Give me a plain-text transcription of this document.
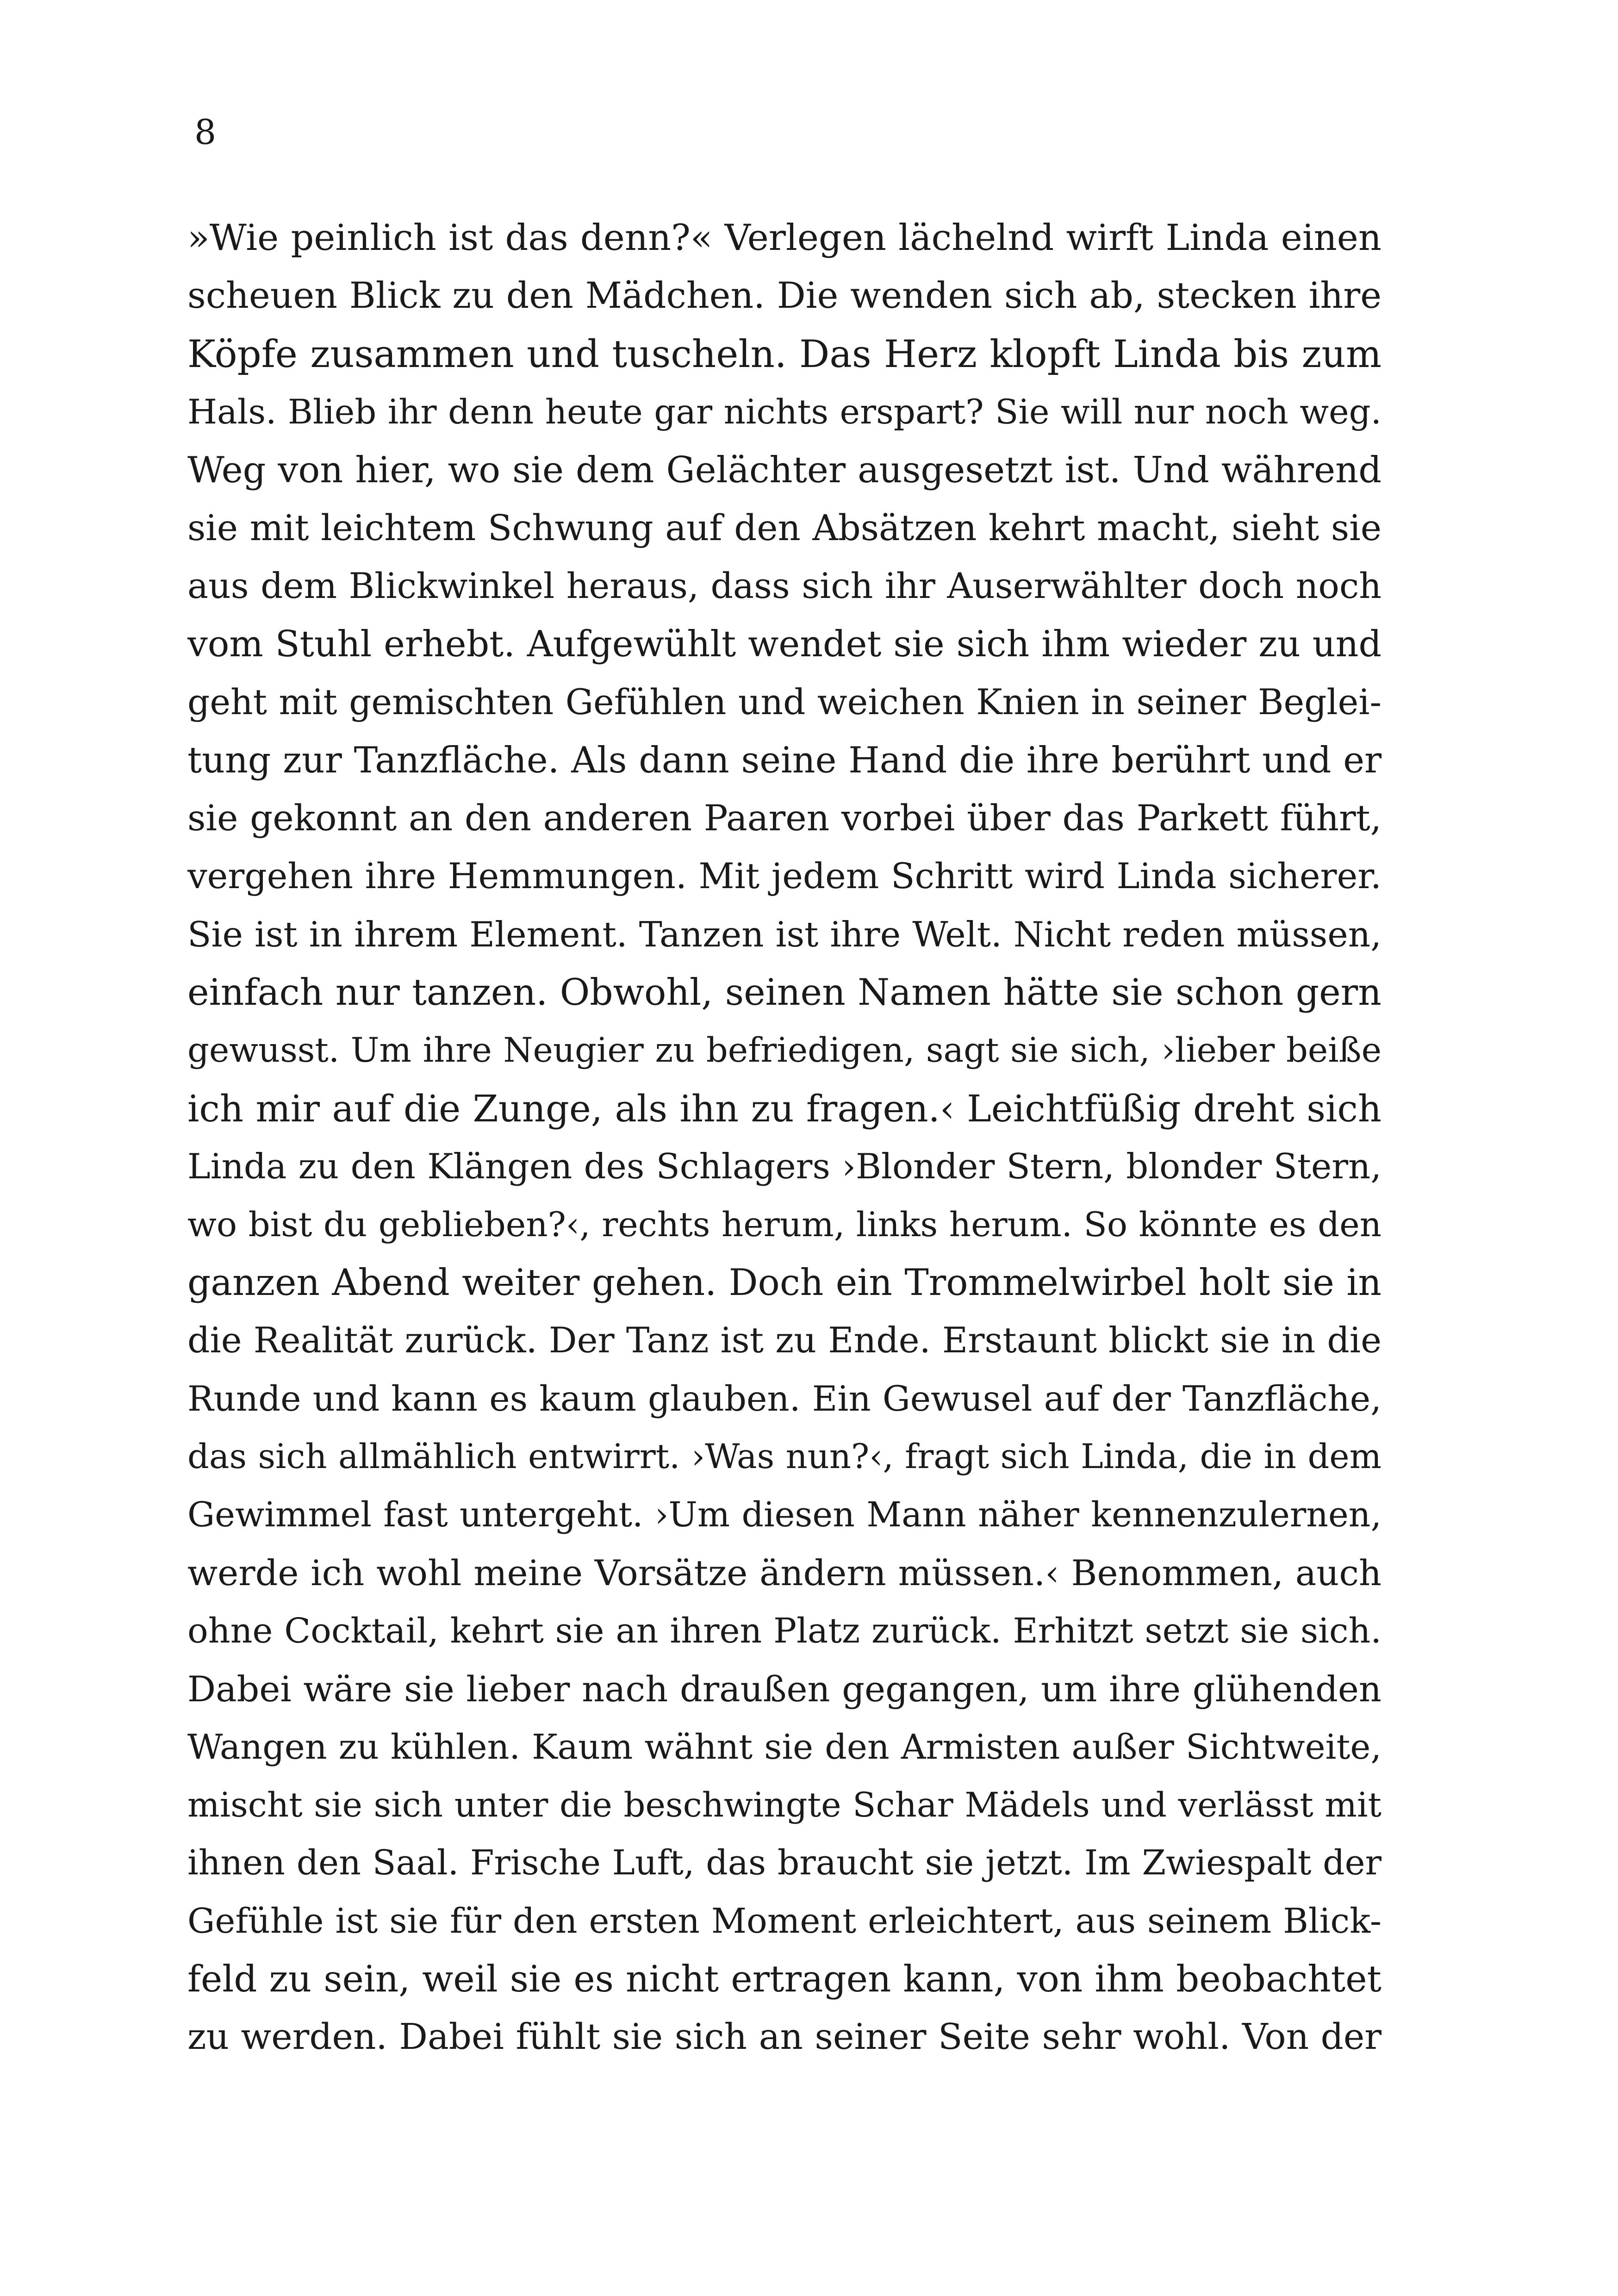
8
»Wie peinlich ist das denn?« Verlegen lächelnd wirft Linda einen
scheuen Blick zu den Mädchen. Die wenden sich ab, stecken ihre
Köpfe zusammen und tuscheln. Das Herz klopft Linda bis zum
Hals. Blieb ihr denn heute gar nichts erspart? Sie will nur noch weg.
Weg von hier, wo sie dem Gelächter ausgesetzt ist. Und während
sie mit leichtem Schwung auf den Absätzen kehrt macht, sieht sie
aus dem Blickwinkel heraus, dass sich ihr Auserwählter doch noch
vom Stuhl erhebt. Aufgewühlt wendet sie sich ihm wieder zu und
geht mit gemischten Gefühlen und weichen Knien in seiner Beglei-
tung zur Tanzfläche. Als dann seine Hand die ihre berührt und er
sie gekonnt an den anderen Paaren vorbei über das Parkett führt,
vergehen ihre Hemmungen. Mit jedem Schritt wird Linda sicherer.
Sie ist in ihrem Element. Tanzen ist ihre Welt. Nicht reden müssen,
einfach nur tanzen. Obwohl, seinen Namen hätte sie schon gern
gewusst. Um ihre Neugier zu befriedigen, sagt sie sich, ›lieber beiße
ich mir auf die Zunge, als ihn zu fragen.‹ Leichtfüßig dreht sich
Linda zu den Klängen des Schlagers ›Blonder Stern, blonder Stern,
wo bist du geblieben?‹, rechts herum, links herum. So könnte es den
ganzen Abend weiter gehen. Doch ein Trommelwirbel holt sie in
die Realität zurück. Der Tanz ist zu Ende. Erstaunt blickt sie in die
Runde und kann es kaum glauben. Ein Gewusel auf der Tanzfläche,
das sich allmählich entwirrt. ›Was nun?‹, fragt sich Linda, die in dem
Gewimmel fast untergeht. ›Um diesen Mann näher kennenzulernen,
werde ich wohl meine Vorsätze ändern müssen.‹ Benommen, auch
ohne Cocktail, kehrt sie an ihren Platz zurück. Erhitzt setzt sie sich.
Dabei wäre sie lieber nach draußen gegangen, um ihre glühenden
Wangen zu kühlen. Kaum wähnt sie den Armisten außer Sichtweite,
mischt sie sich unter die beschwingte Schar Mädels und verlässt mit
ihnen den Saal. Frische Luft, das braucht sie jetzt. Im Zwiespalt der
Gefühle ist sie für den ersten Moment erleichtert, aus seinem Blick-
feld zu sein, weil sie es nicht ertragen kann, von ihm beobachtet
zu werden. Dabei fühlt sie sich an seiner Seite sehr wohl. Von der
